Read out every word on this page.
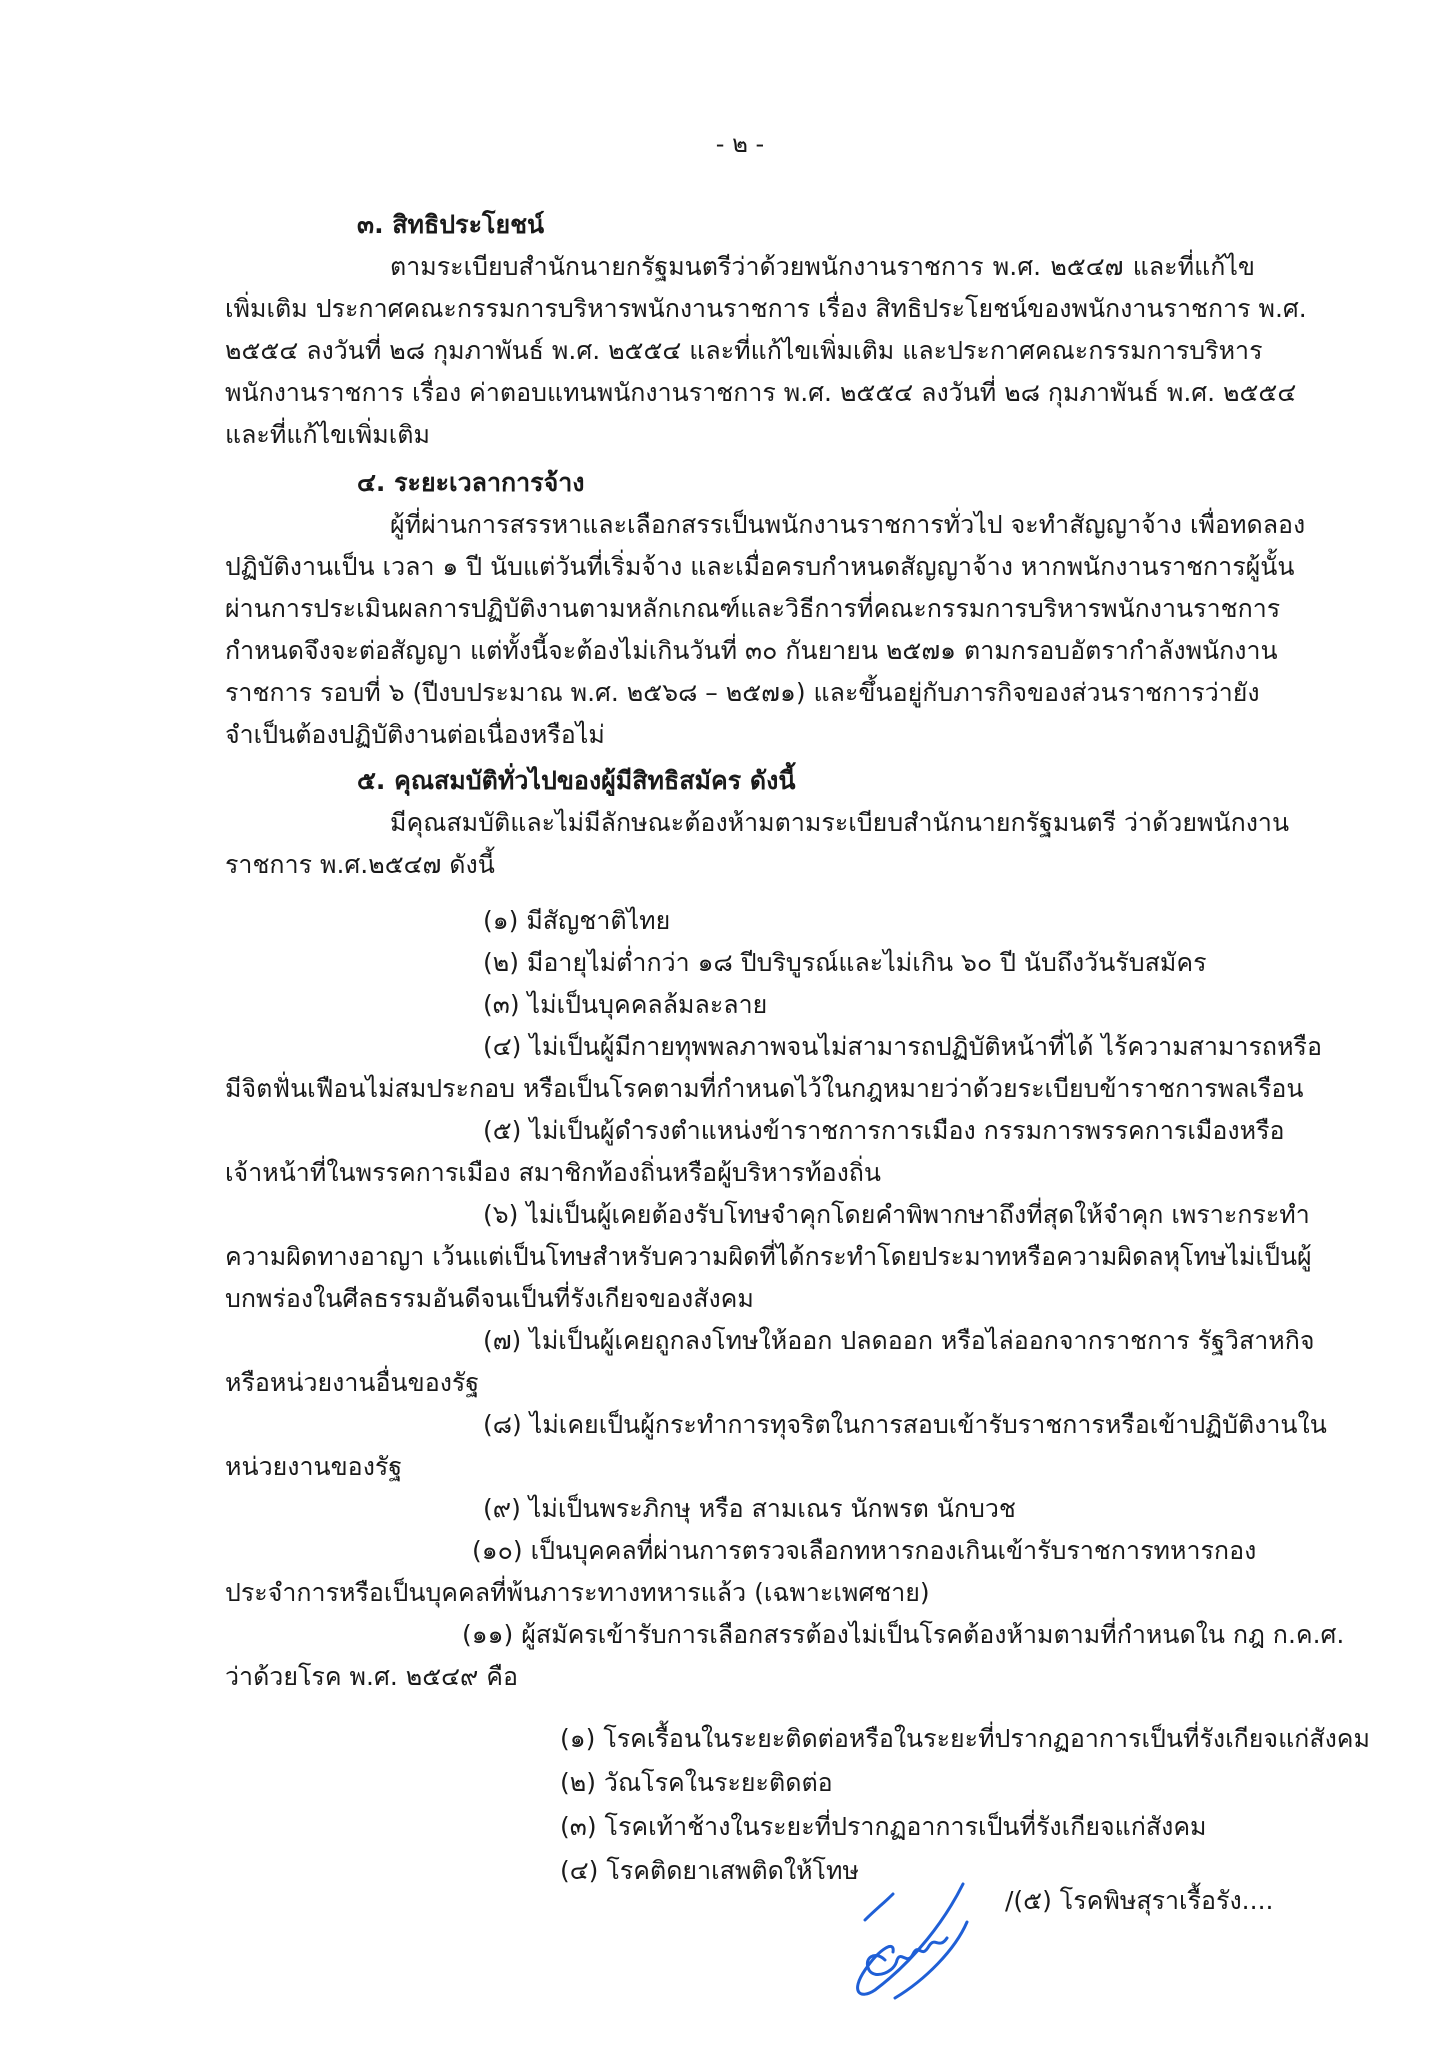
- ๒ -
๓. สิทธิประโยชน์
ตามระเบียบสำนักนายกรัฐมนตรีว่าด้วยพนักงานราชการ พ.ศ. ๒๕๔๗ และที่แก้ไข
เพิ่มเติม ประกาศคณะกรรมการบริหารพนักงานราชการ เรื่อง สิทธิประโยชน์ของพนักงานราชการ พ.ศ.
๒๕๕๔ ลงวันที่ ๒๘ กุมภาพันธ์ พ.ศ. ๒๕๕๔ และที่แก้ไขเพิ่มเติม และประกาศคณะกรรมการบริหาร
พนักงานราชการ เรื่อง ค่าตอบแทนพนักงานราชการ พ.ศ. ๒๕๕๔ ลงวันที่ ๒๘ กุมภาพันธ์ พ.ศ. ๒๕๕๔
และที่แก้ไขเพิ่มเติม
๔. ระยะเวลาการจ้าง
ผู้ที่ผ่านการสรรหาและเลือกสรรเป็นพนักงานราชการทั่วไป จะทำสัญญาจ้าง เพื่อทดลอง
ปฏิบัติงานเป็น เวลา ๑ ปี นับแต่วันที่เริ่มจ้าง และเมื่อครบกำหนดสัญญาจ้าง หากพนักงานราชการผู้นั้น
ผ่านการประเมินผลการปฏิบัติงานตามหลักเกณฑ์และวิธีการที่คณะกรรมการบริหารพนักงานราชการ
กำหนดจึงจะต่อสัญญา แต่ทั้งนี้จะต้องไม่เกินวันที่ ๓๐ กันยายน ๒๕๗๑ ตามกรอบอัตรากำลังพนักงาน
ราชการ รอบที่ ๖ (ปีงบประมาณ พ.ศ. ๒๕๖๘ – ๒๕๗๑) และขึ้นอยู่กับภารกิจของส่วนราชการว่ายัง
จำเป็นต้องปฏิบัติงานต่อเนื่องหรือไม่
๕. คุณสมบัติทั่วไปของผู้มีสิทธิสมัคร ดังนี้
มีคุณสมบัติและไม่มีลักษณะต้องห้ามตามระเบียบสำนักนายกรัฐมนตรี ว่าด้วยพนักงาน
ราชการ พ.ศ.๒๕๔๗ ดังนี้
(๑) มีสัญชาติไทย
(๒) มีอายุไม่ต่ำกว่า ๑๘ ปีบริบูรณ์และไม่เกิน ๖๐ ปี นับถึงวันรับสมัคร
(๓) ไม่เป็นบุคคลล้มละลาย
(๔) ไม่เป็นผู้มีกายทุพพลภาพจนไม่สามารถปฏิบัติหน้าที่ได้ ไร้ความสามารถหรือ
มีจิตฟั่นเฟือนไม่สมประกอบ หรือเป็นโรคตามที่กำหนดไว้ในกฎหมายว่าด้วยระเบียบข้าราชการพลเรือน
(๕) ไม่เป็นผู้ดำรงตำแหน่งข้าราชการการเมือง กรรมการพรรคการเมืองหรือ
เจ้าหน้าที่ในพรรคการเมือง สมาชิกท้องถิ่นหรือผู้บริหารท้องถิ่น
(๖) ไม่เป็นผู้เคยต้องรับโทษจำคุกโดยคำพิพากษาถึงที่สุดให้จำคุก เพราะกระทำ
ความผิดทางอาญา เว้นแต่เป็นโทษสำหรับความผิดที่ได้กระทำโดยประมาทหรือความผิดลหุโทษไม่เป็นผู้
บกพร่องในศีลธรรมอันดีจนเป็นที่รังเกียจของสังคม
(๗) ไม่เป็นผู้เคยถูกลงโทษให้ออก ปลดออก หรือไล่ออกจากราชการ รัฐวิสาหกิจ
หรือหน่วยงานอื่นของรัฐ
(๘) ไม่เคยเป็นผู้กระทำการทุจริตในการสอบเข้ารับราชการหรือเข้าปฏิบัติงานใน
หน่วยงานของรัฐ
(๙) ไม่เป็นพระภิกษุ หรือ สามเณร นักพรต นักบวช
(๑๐) เป็นบุคคลที่ผ่านการตรวจเลือกทหารกองเกินเข้ารับราชการทหารกอง
ประจำการหรือเป็นบุคคลที่พ้นภาระทางทหารแล้ว (เฉพาะเพศชาย)
(๑๑) ผู้สมัครเข้ารับการเลือกสรรต้องไม่เป็นโรคต้องห้ามตามที่กำหนดใน กฎ ก.ค.ศ.
ว่าด้วยโรค พ.ศ. ๒๕๔๙ คือ
(๑) โรคเรื้อนในระยะติดต่อหรือในระยะที่ปรากฏอาการเป็นที่รังเกียจแก่สังคม
(๒) วัณโรคในระยะติดต่อ
(๓) โรคเท้าช้างในระยะที่ปรากฏอาการเป็นที่รังเกียจแก่สังคม
(๔) โรคติดยาเสพติดให้โทษ
/(๕) โรคพิษสุราเรื้อรัง....
